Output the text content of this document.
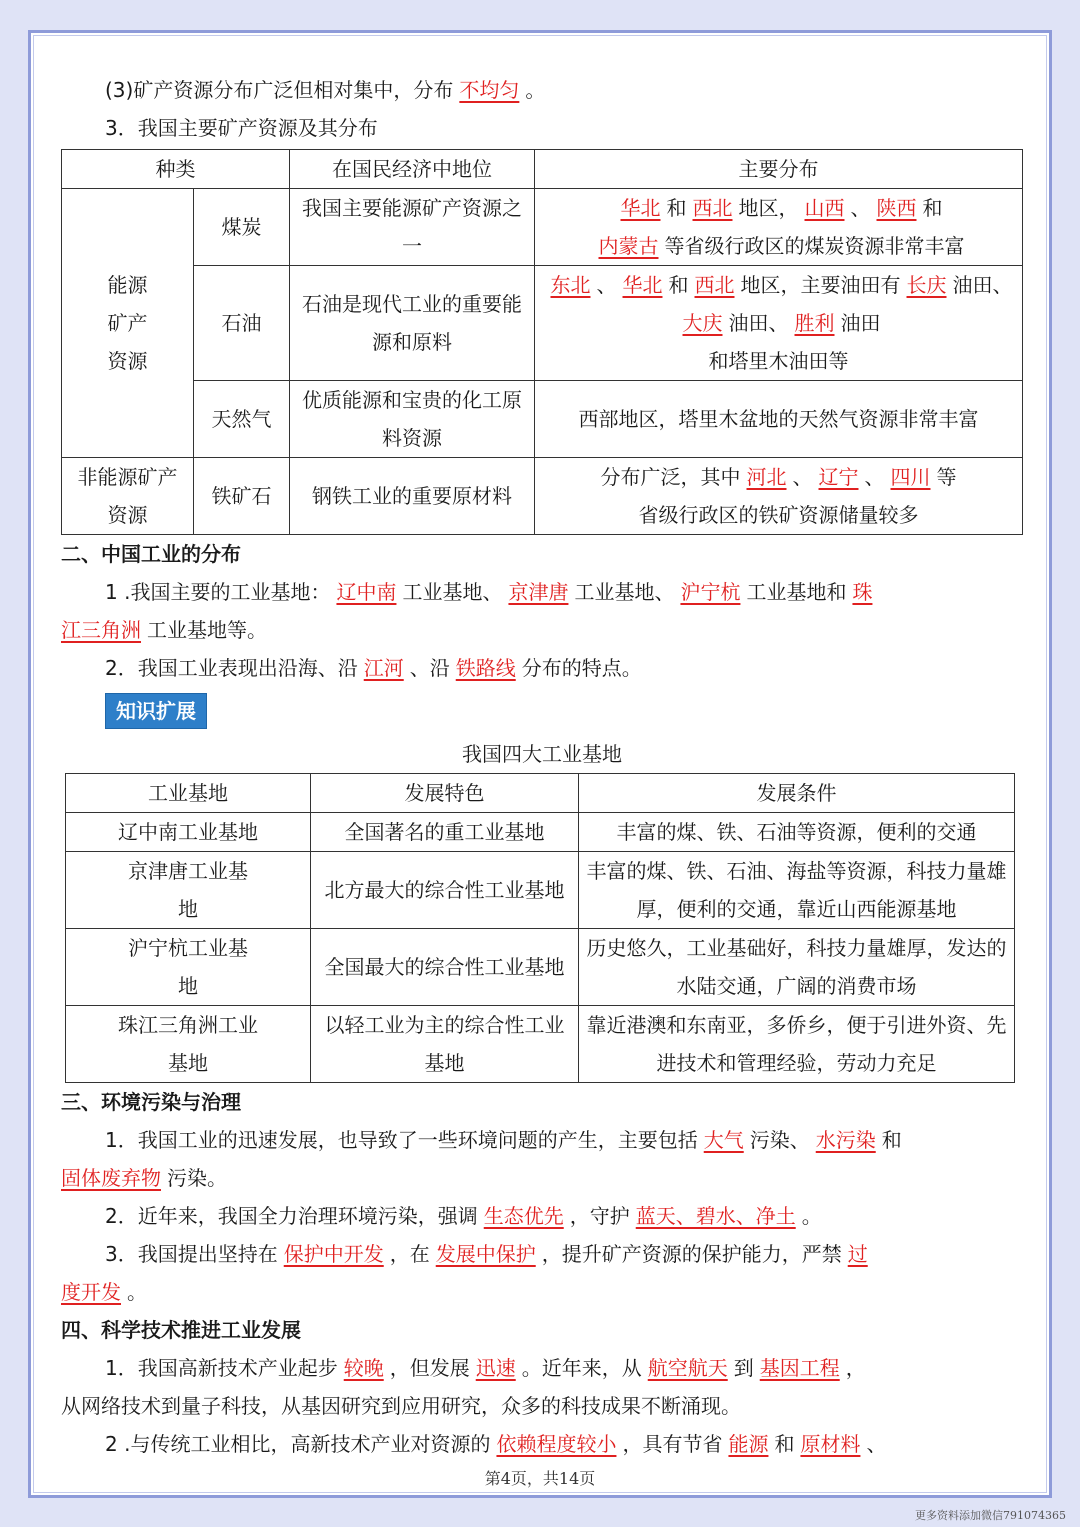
(3)矿产资源分布广泛但相对集中，分布 不均匀 。
3．我国主要矿产资源及其分布
种类		在国民经济中地位	主要分布
能源矿产资源	煤炭	我国主要能源矿产资源之一	华北 和 西北 地区， 山西 、 陕西 和
内蒙古 等省级行政区的煤炭资源非常丰富
	石油	石油是现代工业的重要能源和原料	东北 、 华北 和 西北 地区，主要油田有 长庆 油田、大庆 油田、 胜利 油田
和塔里木油田等
	天然气	优质能源和宝贵的化工原料资源	西部地区，塔里木盆地的天然气资源非常丰富
非能源矿产资源	铁矿石	钢铁工业的重要原材料	分布广泛，其中 河北 、 辽宁 、 四川 等
省级行政区的铁矿资源储量较多
二、中国工业的分布
1 .我国主要的工业基地： 辽中南 工业基地、 京津唐 工业基地、 沪宁杭 工业基地和 珠
江三角洲 工业基地等。
2．我国工业表现出沿海、沿 江河 、沿 铁路线 分布的特点。
知识扩展
我国四大工业基地
工业基地	发展特色	发展条件
辽中南工业基地	全国著名的重工业基地	丰富的煤、铁、石油等资源，便利的交通
京津唐工业基地	北方最大的综合性工业基地	丰富的煤、铁、石油、海盐等资源，科技力量雄厚，便利的交通，靠近山西能源基地
沪宁杭工业基地	全国最大的综合性工业基地	历史悠久，工业基础好，科技力量雄厚，发达的水陆交通，广阔的消费市场
珠江三角洲工业基地	以轻工业为主的综合性工业基地	靠近港澳和东南亚，多侨乡，便于引进外资、先进技术和管理经验，劳动力充足
三、环境污染与治理
1．我国工业的迅速发展，也导致了一些环境问题的产生，主要包括 大气 污染、 水污染 和
固体废弃物 污染。
2．近年来，我国全力治理环境污染，强调 生态优先 ，守护 蓝天、碧水、净土 。
3．我国提出坚持在 保护中开发 ，在 发展中保护 ，提升矿产资源的保护能力，严禁 过
度开发 。
四、科学技术推进工业发展
1．我国高新技术产业起步 较晚 ，但发展 迅速 。近年来，从 航空航天 到 基因工程 ，
从网络技术到量子科技，从基因研究到应用研究，众多的科技成果不断涌现。
2 .与传统工业相比，高新技术产业对资源的 依赖程度较小 ，具有节省 能源 和 原材料 、
第4页，共14页
更多资料添加微信791074365
